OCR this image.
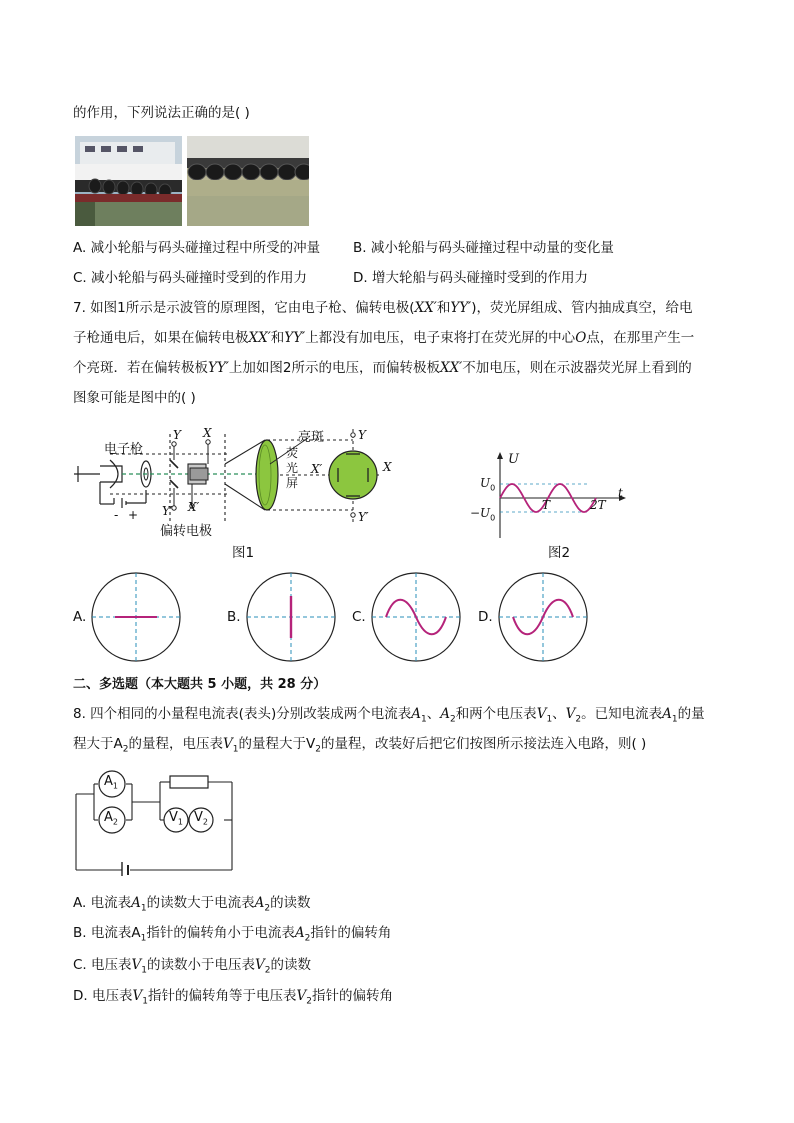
的作用，下列说法正确的是( )
A. 减小轮船与码头碰撞过程中所受的冲量 B. 减小轮船与码头碰撞过程中动量的变化量
C. 减小轮船与码头碰撞时受到的作用力	D. 增大轮船与码头碰撞时受到的作用力
7. 如图1所示是示波管的原理图，它由电子枪、偏转电极(XX′和YY′)，荧光屏组成、管内抽成真空，给电
子枪通电后，如果在偏转电极XX′和YY′上都没有加电压，电子束将打在荧光屏的中心O点，在那里产生一
个亮斑．若在偏转极板YY′上加如图2所示的电压，而偏转极板XX′不加电压，则在示波器荧光屏上看到的
图象可能是图中的( )
电子枪
Y X
Y′ X′
- +
偏转电极
亮斑
荧
光
屏
X′	X
Y
Y′
图1
U
$U_0$
$-U_0$
T	2T
t
图2
A.	B.	C.	D.
二、多选题（本大题共 5 小题，共 28 分）
8. 四个相同的小量程电流表(表头)分别改装成两个电流表$A_1$、$A_2$和两个电压表$V_1$、$V_2$。已知电流表$A_1$的量
程大于$A_2$的量程，电压表$V_1$的量程大于$V_2$的量程，改装好后把它们按图所示接法连入电路，则( )
$A_1$
$A_2$	$V_1$ $V_2$
A. 电流表$A_1$的读数大于电流表$A_2$的读数
B. 电流表$A_1$指针的偏转角小于电流表$A_2$指针的偏转角
C. 电压表$V_1$的读数小于电压表$V_2$的读数
D. 电压表$V_1$指针的偏转角等于电压表$V_2$指针的偏转角
